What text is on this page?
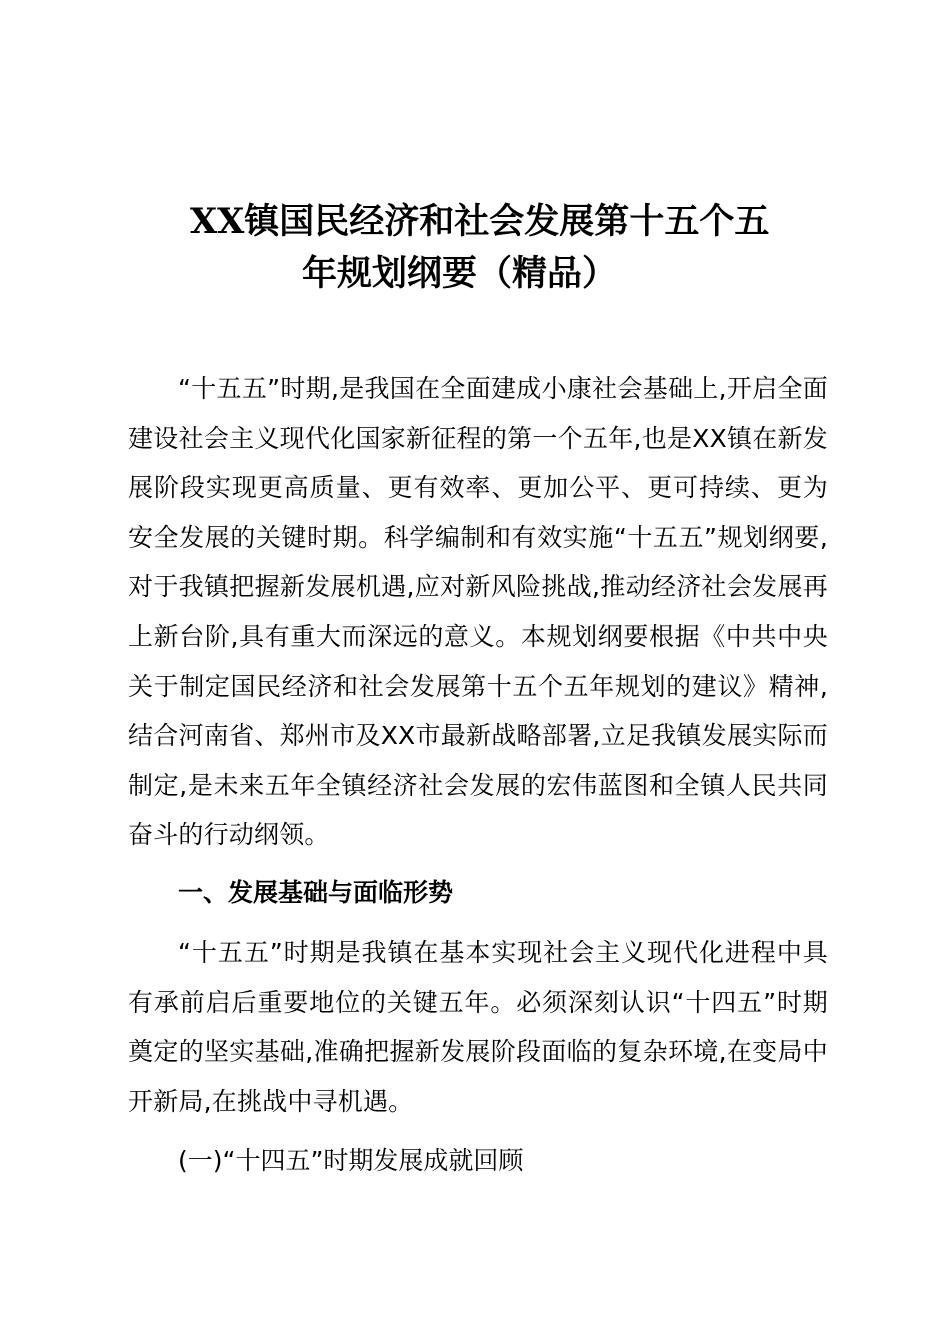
XX镇国民经济和社会发展第十五个五
年规划纲要（精品）
“十五五”时期,是我国在全面建成小康社会基础上,开启全面建设社会主义现代化国家新征程的第一个五年,也是XX镇在新发展阶段实现更高质量、更有效率、更加公平、更可持续、更为安全发展的关键时期。科学编制和有效实施“十五五”规划纲要,对于我镇把握新发展机遇,应对新风险挑战,推动经济社会发展再上新台阶,具有重大而深远的意义。本规划纲要根据《中共中央关于制定国民经济和社会发展第十五个五年规划的建议》精神,结合河南省、郑州市及XX市最新战略部署,立足我镇发展实际而制定,是未来五年全镇经济社会发展的宏伟蓝图和全镇人民共同奋斗的行动纲领。
一、发展基础与面临形势
“十五五”时期是我镇在基本实现社会主义现代化进程中具有承前启后重要地位的关键五年。必须深刻认识“十四五”时期奠定的坚实基础,准确把握新发展阶段面临的复杂环境,在变局中开新局,在挑战中寻机遇。
(一)“十四五”时期发展成就回顾
